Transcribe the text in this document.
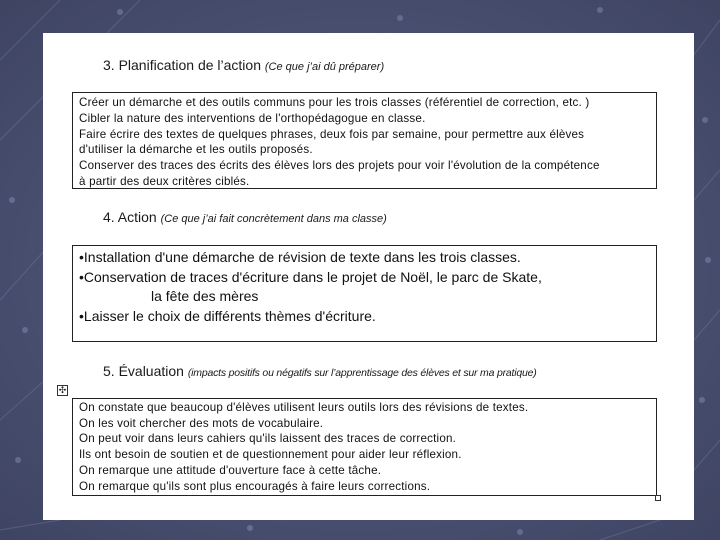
3. Planification de l’action (Ce que j’ai dû préparer)
Créer un démarche et des outils communs pour les trois classes (référentiel de correction, etc. )
Cibler la nature des interventions de l'orthopédagogue en classe.
Faire écrire des textes de quelques phrases, deux fois par semaine, pour permettre aux élèves
d'utiliser la démarche et les outils proposés.
Conserver des traces des écrits des élèves lors des projets pour voir l'évolution de la compétence
à partir des deux critères ciblés.
4. Action (Ce que j’ai fait concrètement dans ma classe)
•Installation d'une démarche de révision de texte dans les trois classes.
•Conservation de traces d'écriture dans le projet de Noël, le parc de Skate,
la fête des mères
•Laisser le choix de différents thèmes d'écriture.
5. Évaluation (impacts positifs ou négatifs sur l’apprentissage des élèves et sur ma pratique)
✣
On constate que beaucoup d'élèves utilisent leurs outils lors des révisions de textes.
On les voit chercher des mots de vocabulaire.
On peut voir dans leurs cahiers qu'ils laissent des traces de correction.
Ils ont besoin de soutien et de questionnement pour aider leur réflexion.
On remarque une attitude d'ouverture face à cette tâche.
On remarque qu'ils sont plus encouragés à faire leurs corrections.
